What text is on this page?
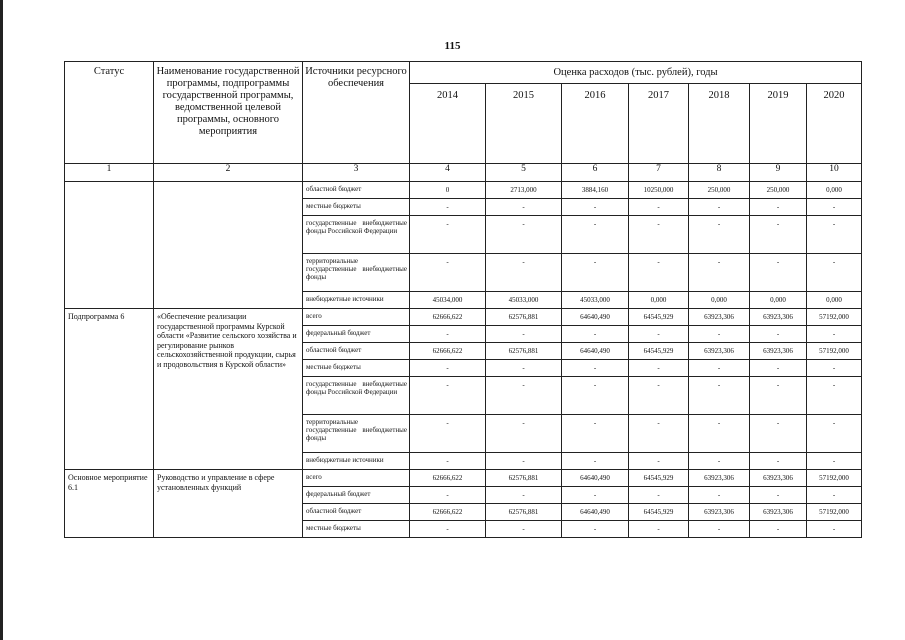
115
Статус	Наименование государственной программы, подпрограммы государственной программы, ведомственной целевой программы, основного мероприятия	Источники ресурсного обеспечения	Оценка расходов (тыс. рублей), годы						
			2014	2015	2016	2017	2018	2019	2020
1	2	3	4	5	6	7	8	9	10
		областной бюджет	0	2713,000	3884,160	10250,000	250,000	250,000	0,000
		местные бюджеты	-	-	-	-	-	-	-
		государственные внебюджетные фонды Российской Федерации	-	-	-	-	-	-	-
		территориальные государственные внебюджетные фонды	-	-	-	-	-	-	-
		внебюджетные источники	45034,000	45033,000	45033,000	0,000	0,000	0,000	0,000
Подпрограмма 6	«Обеспечение реализации государственной программы Курской области «Развитие сельского хозяйства и регулирование рынков сельскохозяйственной продукции, сырья и продовольствия в Курской области»	всего	62666,622	62576,881	64640,490	64545,929	63923,306	63923,306	57192,000
		федеральный бюджет	-	-	-	-	-	-	-
		областной бюджет	62666,622	62576,881	64640,490	64545,929	63923,306	63923,306	57192,000
		местные бюджеты	-	-	-	-	-	-	-
		государственные внебюджетные фонды Российской Федерации	-	-	-	-	-	-	-
		территориальные государственные внебюджетные фонды	-	-	-	-	-	-	-
		внебюджетные источники	-	-	-	-	-	-	-
Основное мероприятие 6.1	Руководство и управление в сфере установленных функций	всего	62666,622	62576,881	64640,490	64545,929	63923,306	63923,306	57192,000
		федеральный бюджет	-	-	-	-	-	-	-
		областной бюджет	62666,622	62576,881	64640,490	64545,929	63923,306	63923,306	57192,000
		местные бюджеты	-	-	-	-	-	-	-
